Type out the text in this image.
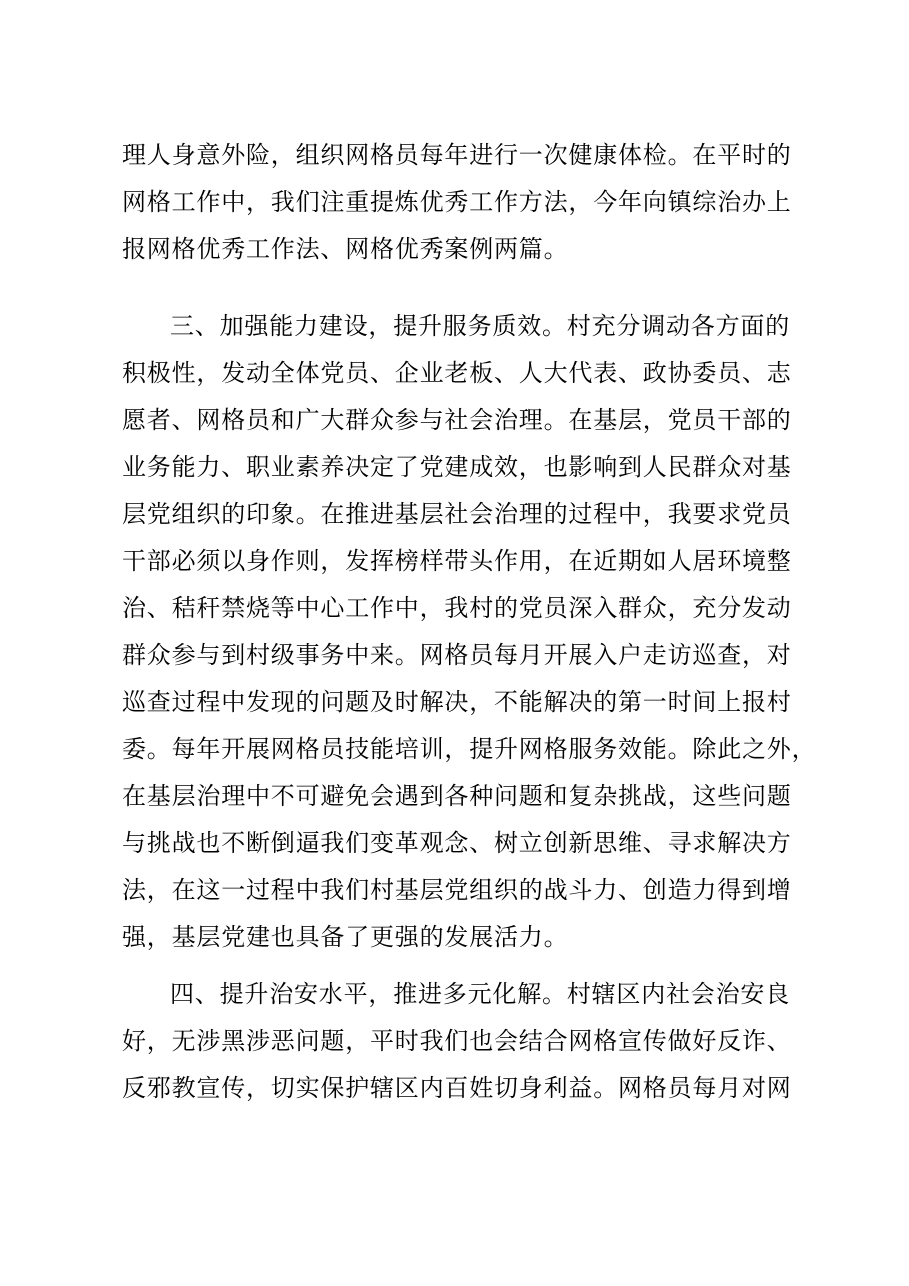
理人身意外险，组织网格员每年进行一次健康体检。在平时的

网格工作中，我们注重提炼优秀工作方法，今年向镇综治办上

报网格优秀工作法、网格优秀案例两篇。

三、加强能力建设，提升服务质效。村充分调动各方面的

积极性，发动全体党员、企业老板、人大代表、政协委员、志

愿者、网格员和广大群众参与社会治理。在基层，党员干部的

业务能力、职业素养决定了党建成效，也影响到人民群众对基

层党组织的印象。在推进基层社会治理的过程中，我要求党员

干部必须以身作则，发挥榜样带头作用，在近期如人居环境整

治、秸秆禁烧等中心工作中，我村的党员深入群众，充分发动

群众参与到村级事务中来。网格员每月开展入户走访巡查，对

巡查过程中发现的问题及时解决，不能解决的第一时间上报村

委。每年开展网格员技能培训，提升网格服务效能。除此之外，

在基层治理中不可避免会遇到各种问题和复杂挑战，这些问题

与挑战也不断倒逼我们变革观念、树立创新思维、寻求解决方

法，在这一过程中我们村基层党组织的战斗力、创造力得到增

强，基层党建也具备了更强的发展活力。

四、提升治安水平，推进多元化解。村辖区内社会治安良

好，无涉黑涉恶问题，平时我们也会结合网格宣传做好反诈、

反邪教宣传，切实保护辖区内百姓切身利益。网格员每月对网
